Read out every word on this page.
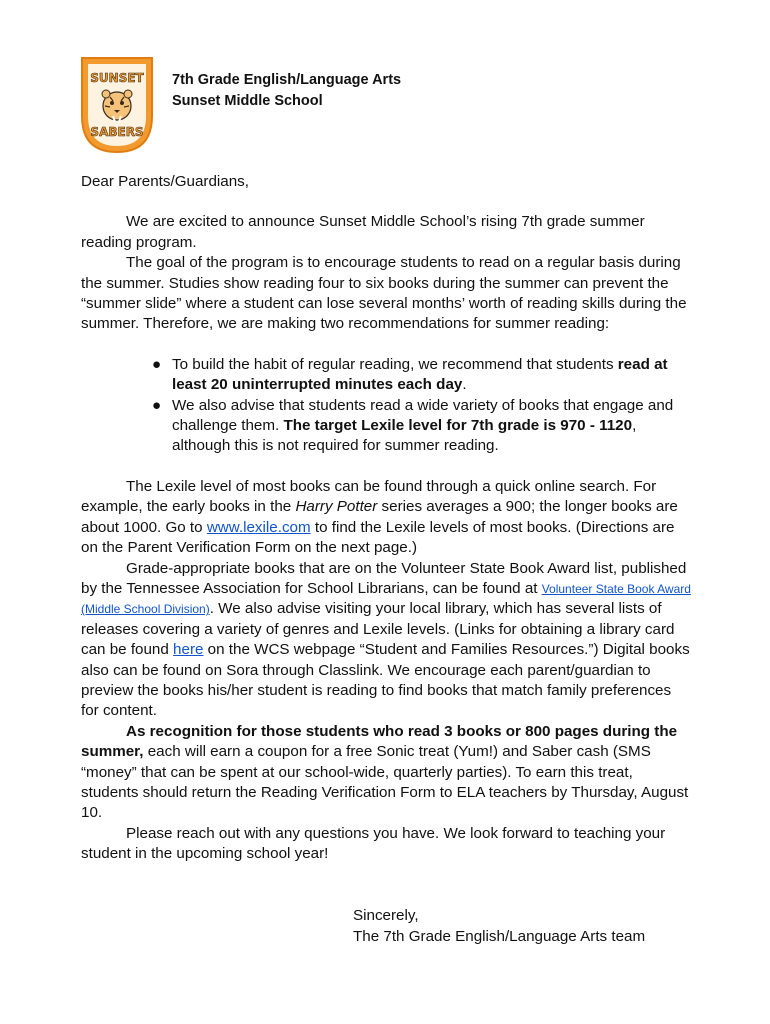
SUNSET
SABERS
7th Grade English/Language Arts
Sunset Middle School

Dear Parents/Guardians,

We are excited to announce Sunset Middle School’s rising 7th grade summer reading program.

The goal of the program is to encourage students to read on a regular basis during the summer. Studies show reading four to six books during the summer can prevent the “summer slide” where a student can lose several months’ worth of reading skills during the summer. Therefore, we are making two recommendations for summer reading:

● To build the habit of regular reading, we recommend that students read at least 20 uninterrupted minutes each day.
● We also advise that students read a wide variety of books that engage and challenge them. The target Lexile level for 7th grade is 970 - 1120, although this is not required for summer reading.

The Lexile level of most books can be found through a quick online search. For example, the early books in the Harry Potter series averages a 900; the longer books are about 1000. Go to www.lexile.com to find the Lexile levels of most books. (Directions are on the Parent Verification Form on the next page.)

Grade-appropriate books that are on the Volunteer State Book Award list, published by the Tennessee Association for School Librarians, can be found at Volunteer State Book Award (Middle School Division). We also advise visiting your local library, which has several lists of releases covering a variety of genres and Lexile levels. (Links for obtaining a library card can be found here on the WCS webpage “Student and Families Resources.”) Digital books also can be found on Sora through Classlink. We encourage each parent/guardian to preview the books his/her student is reading to find books that match family preferences for content.

As recognition for those students who read 3 books or 800 pages during the summer, each will earn a coupon for a free Sonic treat (Yum!) and Saber cash (SMS “money” that can be spent at our school-wide, quarterly parties). To earn this treat, students should return the Reading Verification Form to ELA teachers by Thursday, August 10.

Please reach out with any questions you have. We look forward to teaching your student in the upcoming school year!

Sincerely,
The 7th Grade English/Language Arts team
